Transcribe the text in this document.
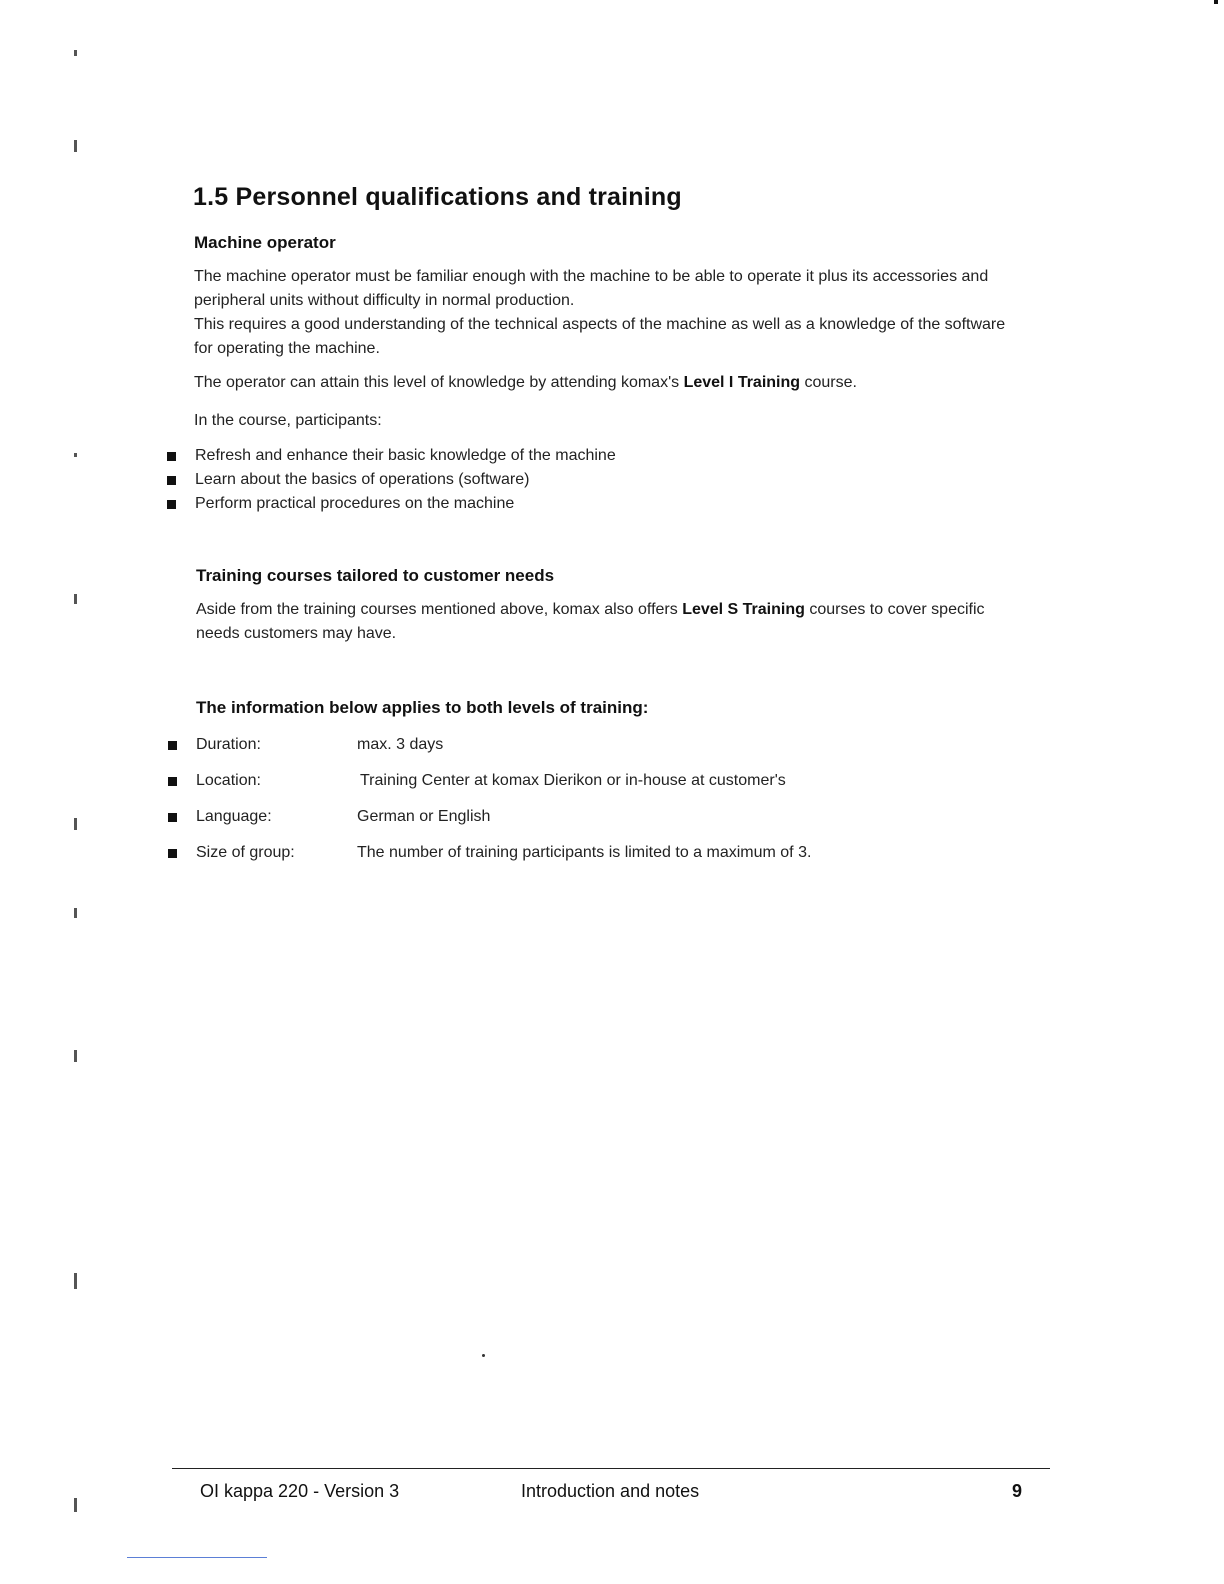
1.5 Personnel qualifications and training
Machine operator

The machine operator must be familiar enough with the machine to be able to operate it plus its accessories and peripheral units without difficulty in normal production.

This requires a good understanding of the technical aspects of the machine as well as a knowledge of the software for operating the machine.

The operator can attain this level of knowledge by attending komax's Level I Training course.

In the course, participants:

Refresh and enhance their basic knowledge of the machine
Learn about the basics of operations (software)
Perform practical procedures on the machine
Training courses tailored to customer needs

Aside from the training courses mentioned above, komax also offers Level S Training courses to cover specific needs customers may have.

The information below applies to both levels of training:
Duration:	max. 3 days
Location:	Training Center at komax Dierikon or in-house at customer's
Language:	German or English
Size of group:	The number of training participants is limited to a maximum of 3.
OI kappa 220 - Version 3	Introduction and notes	9
